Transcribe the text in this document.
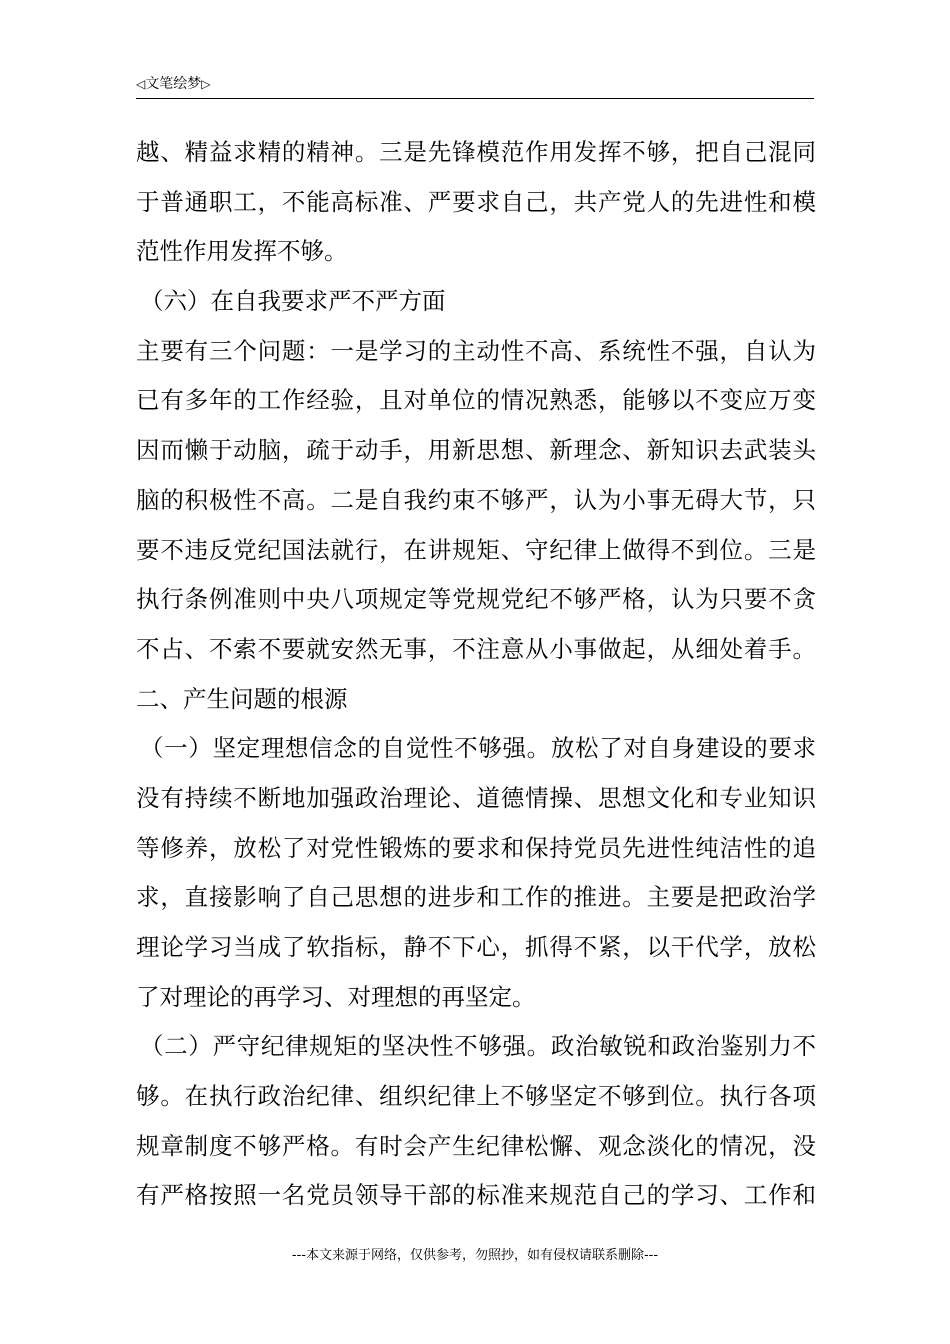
◁文笔绘梦▷
越、精益求精的精神。三是先锋模范作用发挥不够，把自己混同
于普通职工，不能高标准、严要求自己，共产党人的先进性和模
范性作用发挥不够。
（六）在自我要求严不严方面
主要有三个问题：一是学习的主动性不高、系统性不强，自认为
已有多年的工作经验，且对单位的情况熟悉，能够以不变应万变
因而懒于动脑，疏于动手，用新思想、新理念、新知识去武装头
脑的积极性不高。二是自我约束不够严，认为小事无碍大节，只
要不违反党纪国法就行，在讲规矩、守纪律上做得不到位。三是
执行条例准则中央八项规定等党规党纪不够严格，认为只要不贪
不占、不索不要就安然无事，不注意从小事做起，从细处着手。
二、产生问题的根源
（一）坚定理想信念的自觉性不够强。放松了对自身建设的要求
没有持续不断地加强政治理论、道德情操、思想文化和专业知识
等修养，放松了对党性锻炼的要求和保持党员先进性纯洁性的追
求，直接影响了自己思想的进步和工作的推进。主要是把政治学
理论学习当成了软指标，静不下心，抓得不紧，以干代学，放松
了对理论的再学习、对理想的再坚定。
（二）严守纪律规矩的坚决性不够强。政治敏锐和政治鉴别力不
够。在执行政治纪律、组织纪律上不够坚定不够到位。执行各项
规章制度不够严格。有时会产生纪律松懈、观念淡化的情况，没
有严格按照一名党员领导干部的标准来规范自己的学习、工作和
---本文来源于网络，仅供参考，勿照抄，如有侵权请联系删除---
